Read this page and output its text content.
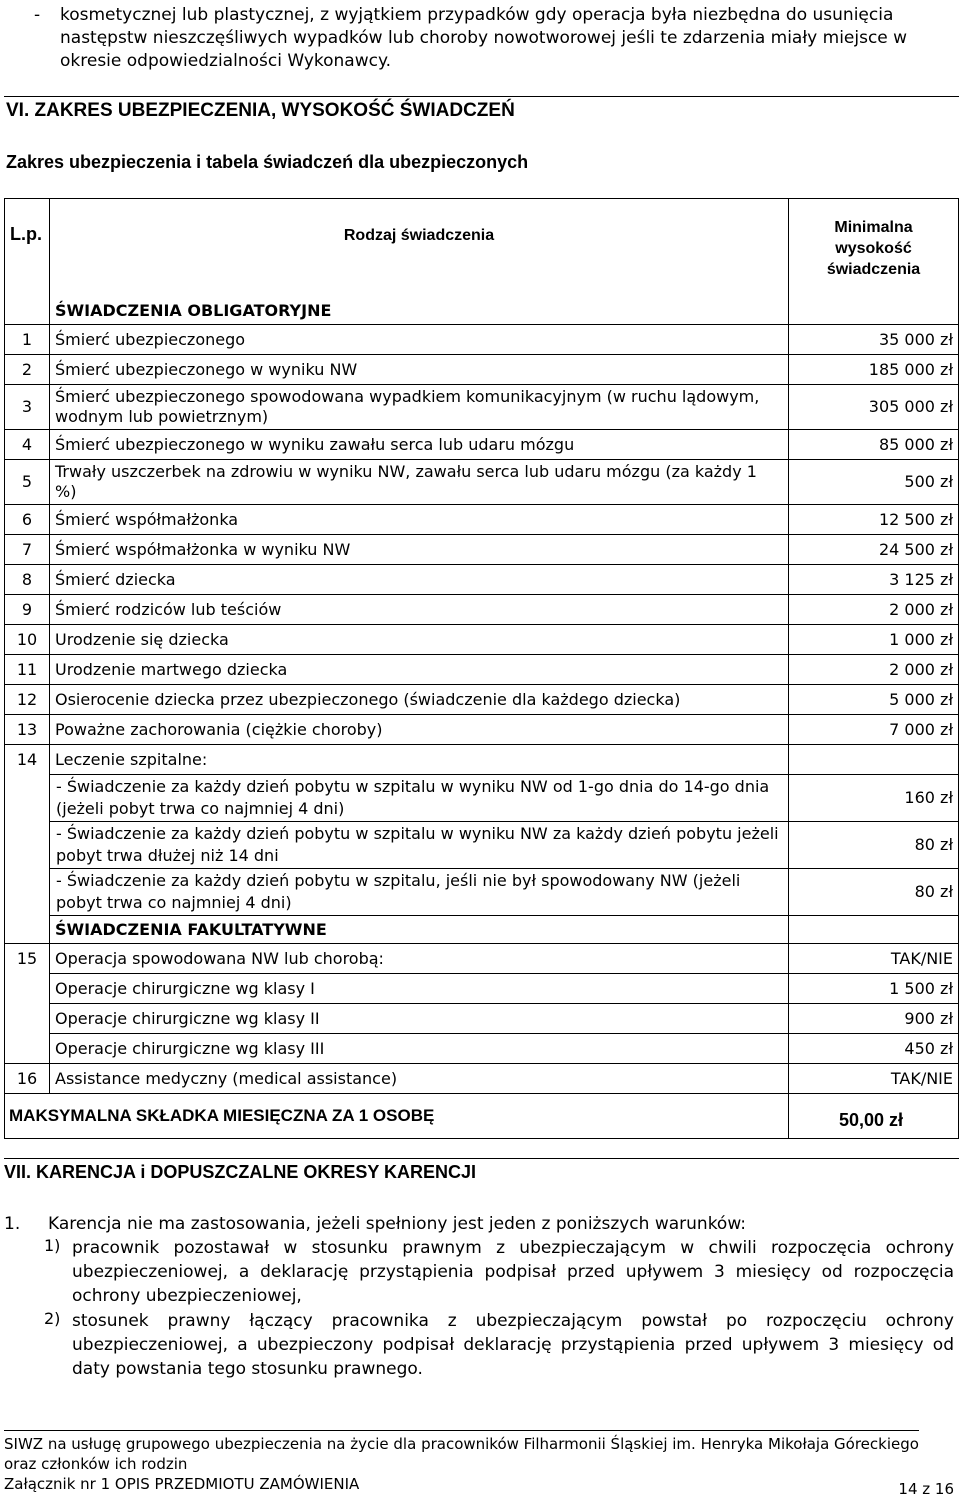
- kosmetycznej lub plastycznej, z wyjątkiem przypadków gdy operacja była niezbędna do usunięcia następstw nieszczęśliwych wypadków lub choroby nowotworowej jeśli te zdarzenia miały miejsce w okresie odpowiedzialności Wykonawcy.
VI. ZAKRES UBEZPIECZENIA, WYSOKOŚĆ ŚWIADCZEŃ
Zakres ubezpieczenia i tabela świadczeń dla ubezpieczonych
L.p.	Rodzaj świadczenia	Minimalna
wysokość
świadczenia

	ŚWIADCZENIA OBLIGATORYJNE	
1	Śmierć ubezpieczonego	35 000 zł
2	Śmierć ubezpieczonego w wyniku NW	185 000 zł
3	Śmierć ubezpieczonego spowodowana wypadkiem komunikacyjnym (w ruchu lądowym, wodnym lub powietrznym)	305 000 zł
4	Śmierć ubezpieczonego w wyniku zawału serca lub udaru mózgu	85 000 zł
5	Trwały uszczerbek na zdrowiu w wyniku NW, zawału serca lub udaru mózgu (za każdy 1 %)	500 zł
6	Śmierć współmałżonka	12 500 zł
7	Śmierć współmałżonka w wyniku NW	24 500 zł
8	Śmierć dziecka	3 125 zł
9	Śmierć rodziców lub teściów	2 000 zł
10	Urodzenie się dziecka	1 000 zł
11	Urodzenie martwego dziecka	2 000 zł
12	Osierocenie dziecka przez ubezpieczonego (świadczenie dla każdego dziecka)	5 000 zł
13	Poważne zachorowania (ciężkie choroby)	7 000 zł
14	Leczenie szpitalne:	
	- Świadczenie za każdy dzień pobytu w szpitalu w wyniku NW od 1-go dnia do 14-go dnia (jeżeli pobyt trwa co najmniej 4 dni)	160 zł
	- Świadczenie za każdy dzień pobytu w szpitalu w wyniku NW za każdy dzień pobytu jeżeli pobyt trwa dłużej niż 14 dni	80 zł
	- Świadczenie za każdy dzień pobytu w szpitalu, jeśli nie był spowodowany NW (jeżeli pobyt trwa co najmniej 4 dni)	80 zł
	ŚWIADCZENIA FAKULTATYWNE	
15	Operacja spowodowana NW lub chorobą:	TAK/NIE
	Operacje chirurgiczne wg klasy I	1 500 zł
	Operacje chirurgiczne wg klasy II	900 zł
	Operacje chirurgiczne wg klasy III	450 zł
16	Assistance medyczny (medical assistance)	TAK/NIE
MAKSYMALNA SKŁADKA MIESIĘCZNA ZA 1 OSOBĘ		50,00 zł
VII. KARENCJA i DOPUSZCZALNE OKRESY KARENCJI
1. Karencja nie ma zastosowania, jeżeli spełniony jest jeden z poniższych warunków:
1) pracownik pozostawał w stosunku prawnym z ubezpieczającym w chwili rozpoczęcia ochrony ubezpieczeniowej, a deklarację przystąpienia podpisał przed upływem 3 miesięcy od rozpoczęcia ochrony ubezpieczeniowej,
2) stosunek prawny łączący pracownika z ubezpieczającym powstał po rozpoczęciu ochrony ubezpieczeniowej, a ubezpieczony podpisał deklarację przystąpienia przed upływem 3 miesięcy od daty powstania tego stosunku prawnego.
SIWZ na usługę grupowego ubezpieczenia na życie dla pracowników Filharmonii Śląskiej im. Henryka Mikołaja Góreckiego oraz członków ich rodzin
Załącznik nr 1 OPIS PRZEDMIOTU ZAMÓWIENIA	14 z 16
